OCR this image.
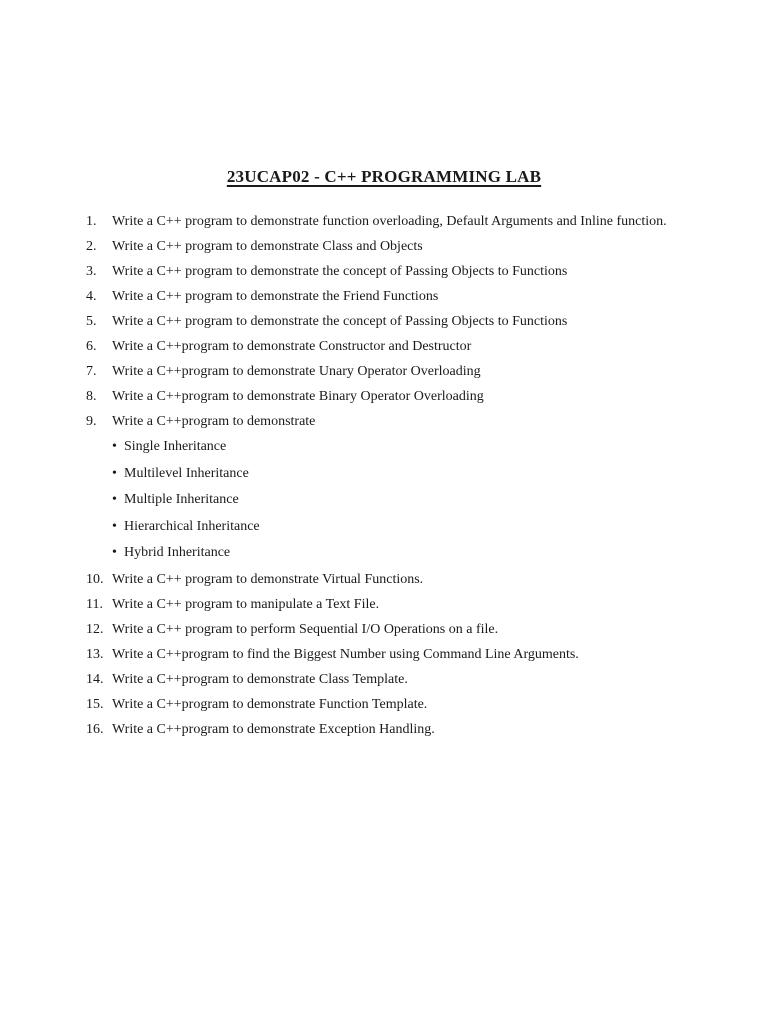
23UCAP02 - C++ PROGRAMMING LAB
1.	Write a C++ program to demonstrate function overloading, Default Arguments and Inline function.
2.	Write a C++ program to demonstrate Class and Objects
3.	Write a C++ program to demonstrate the concept of Passing Objects to Functions
4.	Write a C++ program to demonstrate the Friend Functions
5.	Write a C++ program to demonstrate the concept of Passing Objects to Functions
6.	Write a C++program to demonstrate Constructor and Destructor
7.	Write a C++program to demonstrate Unary Operator Overloading
8.	Write a C++program to demonstrate Binary Operator Overloading
9.	Write a C++program to demonstrate
• Single Inheritance
• Multilevel Inheritance
• Multiple Inheritance
• Hierarchical Inheritance
• Hybrid Inheritance
10. Write a C++ program to demonstrate Virtual Functions.
11. Write a C++ program to manipulate a Text File.
12. Write a C++ program to perform Sequential I/O Operations on a file.
13. Write a C++program to find the Biggest Number using Command Line Arguments.
14. Write a C++program to demonstrate Class Template.
15. Write a C++program to demonstrate Function Template.
16. Write a C++program to demonstrate Exception Handling.
